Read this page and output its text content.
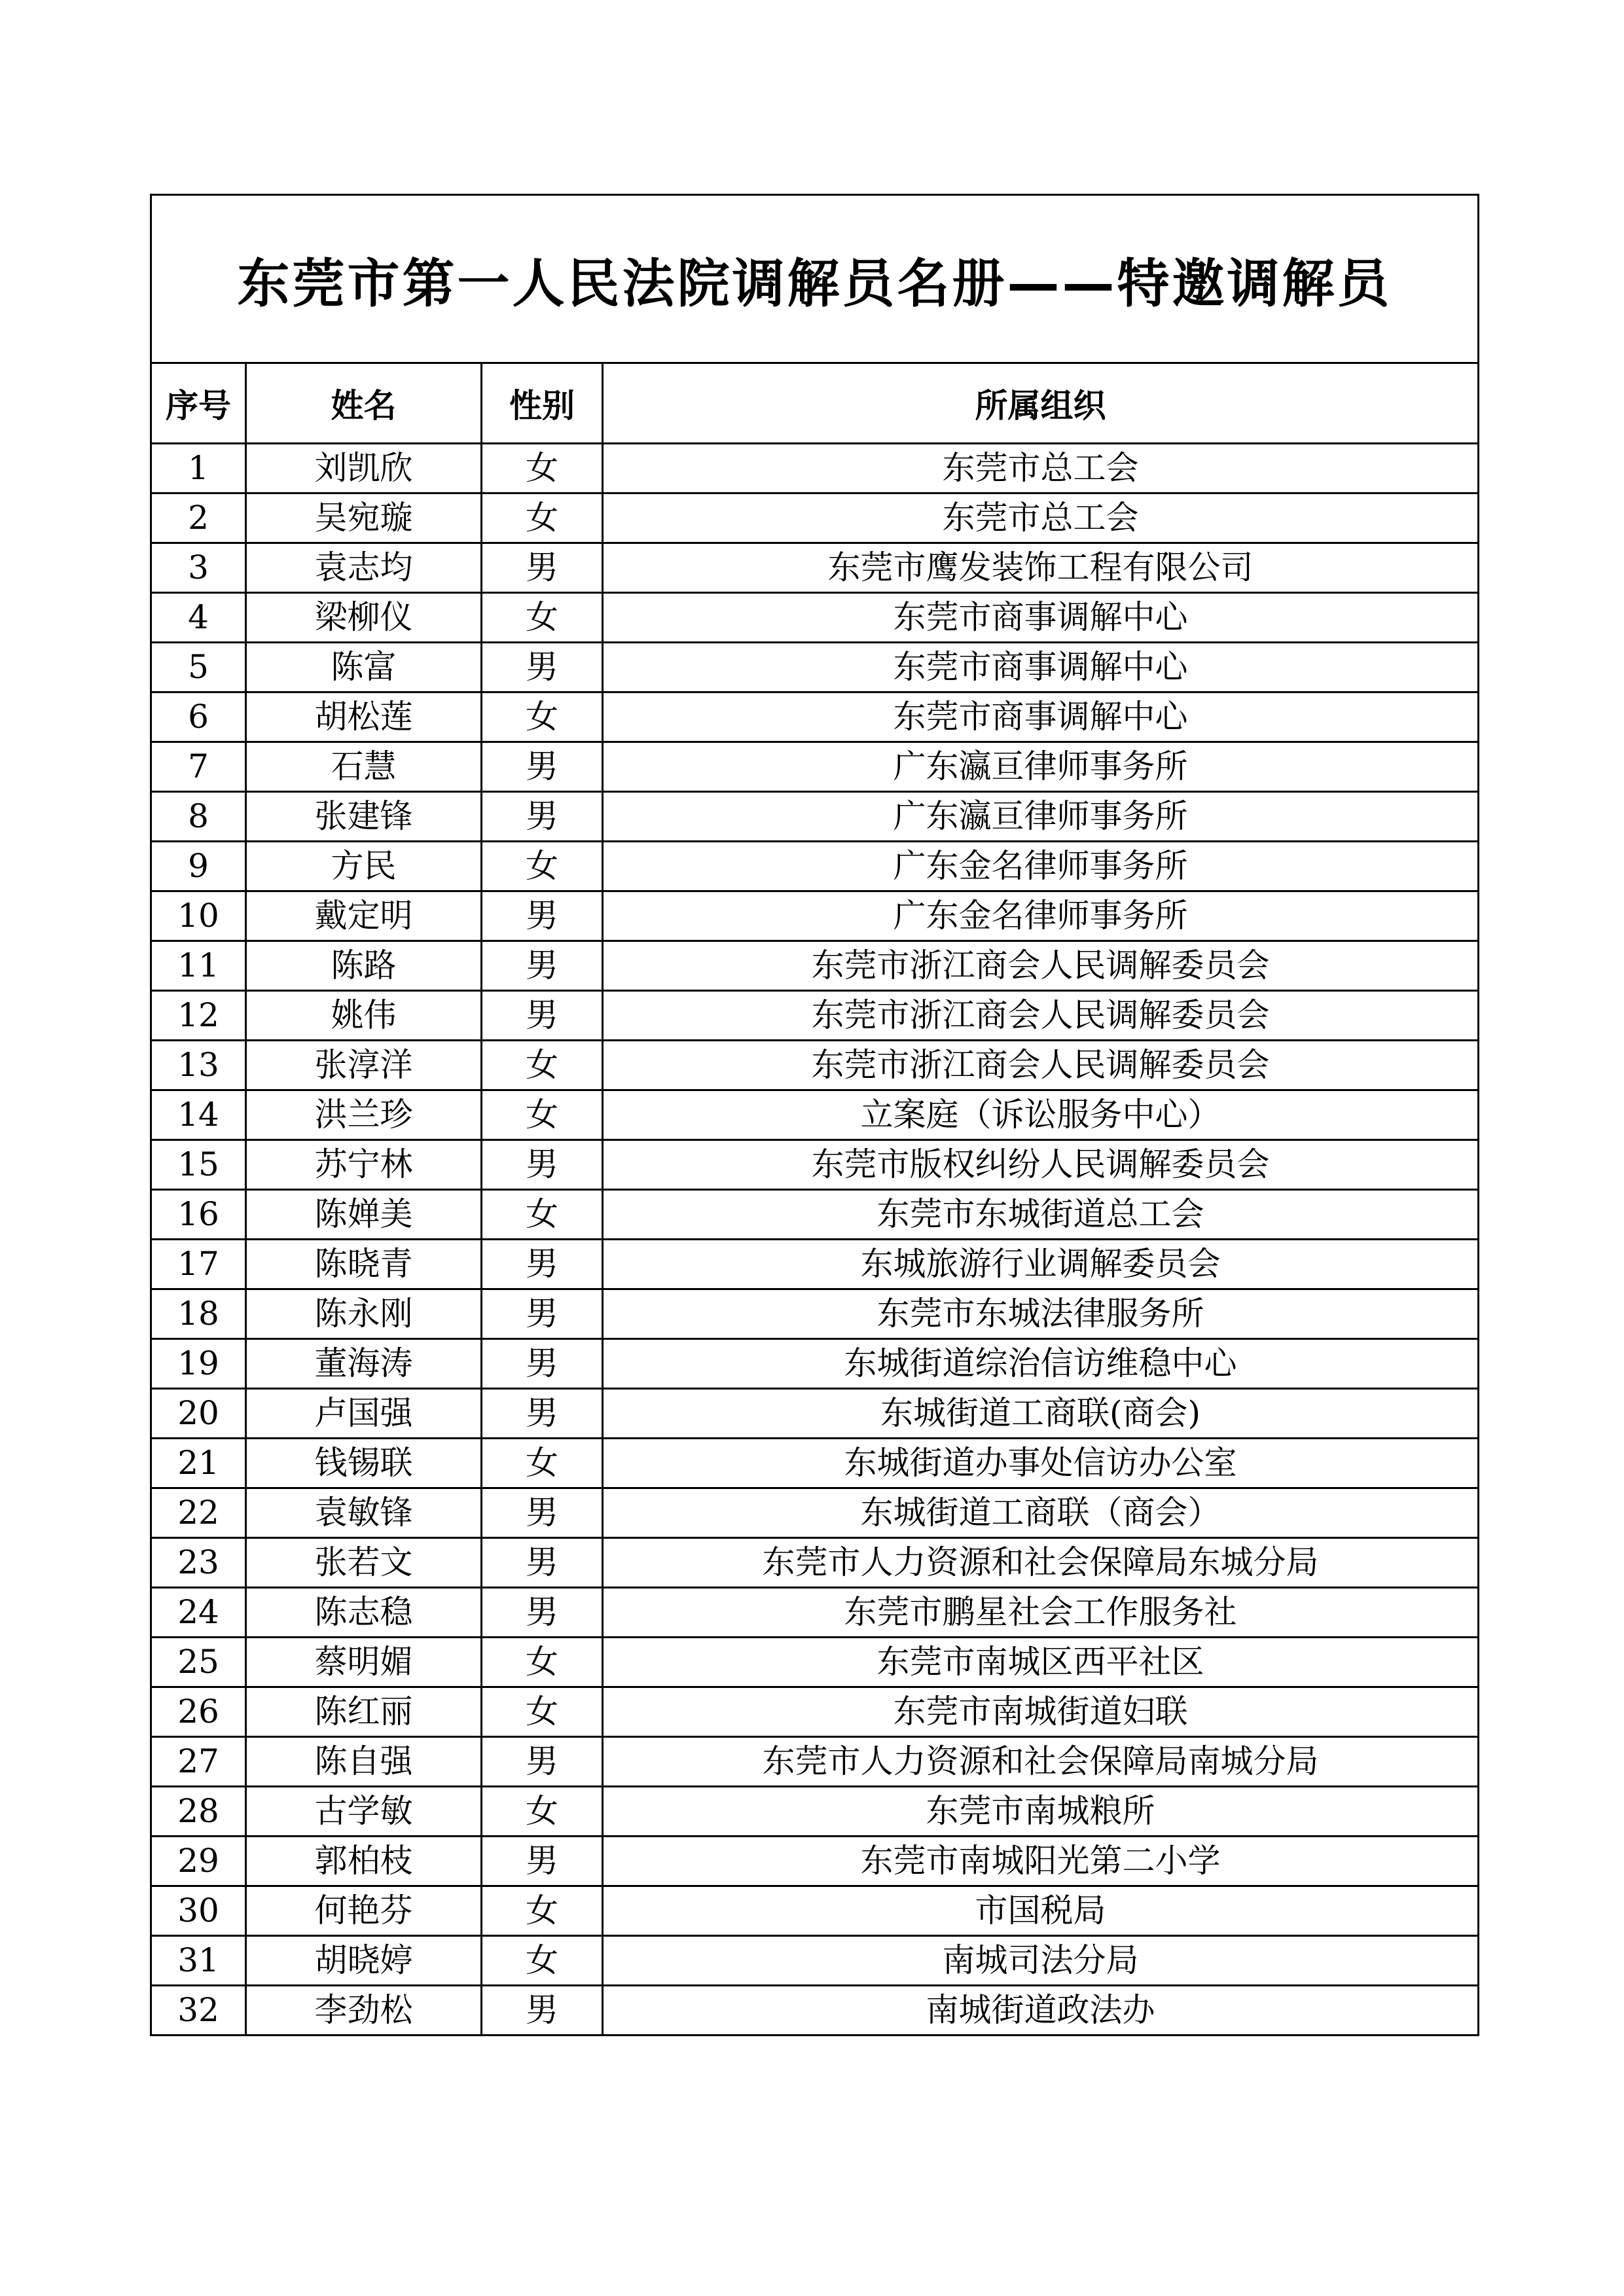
东莞市第一人民法院调解员名册——特邀调解员			
序号	姓名	性别	所属组织
1	刘凯欣	女	东莞市总工会
2	吴宛璇	女	东莞市总工会
3	袁志均	男	东莞市鹰发装饰工程有限公司
4	梁柳仪	女	东莞市商事调解中心
5	陈富	男	东莞市商事调解中心
6	胡松莲	女	东莞市商事调解中心
7	石慧	男	广东瀛亘律师事务所
8	张建锋	男	广东瀛亘律师事务所
9	方民	女	广东金名律师事务所
10	戴定明	男	广东金名律师事务所
11	陈路	男	东莞市浙江商会人民调解委员会
12	姚伟	男	东莞市浙江商会人民调解委员会
13	张淳洋	女	东莞市浙江商会人民调解委员会
14	洪兰珍	女	立案庭（诉讼服务中心）
15	苏宁林	男	东莞市版权纠纷人民调解委员会
16	陈婵美	女	东莞市东城街道总工会
17	陈晓青	男	东城旅游行业调解委员会
18	陈永刚	男	东莞市东城法律服务所
19	董海涛	男	东城街道综治信访维稳中心
20	卢国强	男	东城街道工商联(商会)
21	钱锡联	女	东城街道办事处信访办公室
22	袁敏锋	男	东城街道工商联（商会）
23	张若文	男	东莞市人力资源和社会保障局东城分局
24	陈志稳	男	东莞市鹏星社会工作服务社
25	蔡明媚	女	东莞市南城区西平社区
26	陈红丽	女	东莞市南城街道妇联
27	陈自强	男	东莞市人力资源和社会保障局南城分局
28	古学敏	女	东莞市南城粮所
29	郭柏枝	男	东莞市南城阳光第二小学
30	何艳芬	女	市国税局
31	胡晓婷	女	南城司法分局
32	李劲松	男	南城街道政法办
